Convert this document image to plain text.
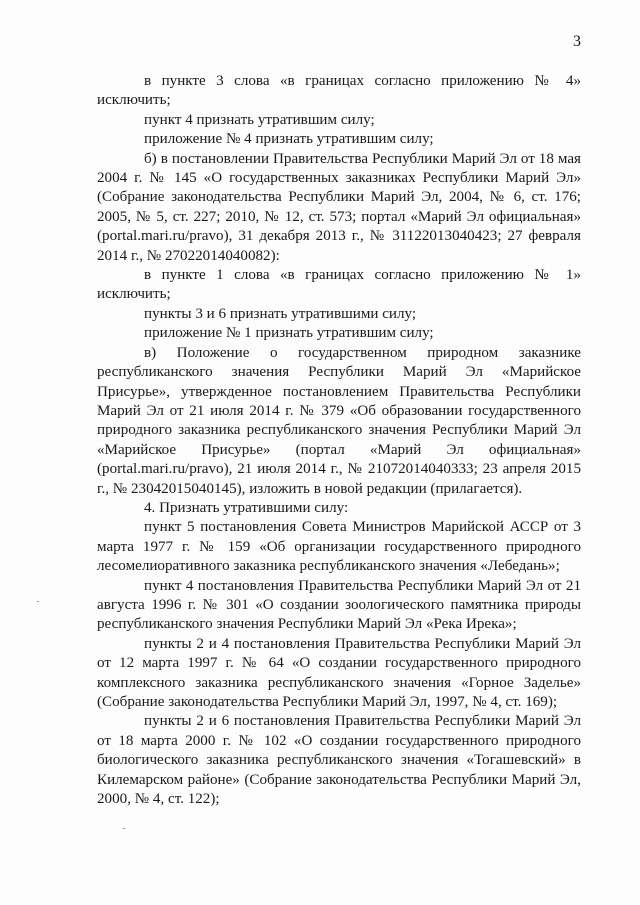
3

в пункте 3 слова «в границах согласно приложению № 4» исключить;

пункт 4 признать утратившим силу;

приложение № 4 признать утратившим силу;

б) в постановлении Правительства Республики Марий Эл от 18 мая 2004 г. № 145 «О государственных заказниках Республики Марий Эл» (Собрание законодательства Республики Марий Эл, 2004, № 6, ст. 176; 2005, № 5, ст. 227; 2010, № 12, ст. 573; портал «Марий Эл официальная» (portal.mari.ru/pravo), 31 декабря 2013 г., № 31122013040423; 27 февраля 2014 г., № 27022014040082):

в пункте 1 слова «в границах согласно приложению № 1» исключить;

пункты 3 и 6 признать утратившими силу;

приложение № 1 признать утратившим силу;

в) Положение о государственном природном заказнике республиканского значения Республики Марий Эл «Марийское Присурье», утвержденное постановлением Правительства Республики Марий Эл от 21 июля 2014 г. № 379 «Об образовании государственного природного заказника республиканского значения Республики Марий Эл «Марийское Присурье» (портал «Марий Эл официальная» (portal.mari.ru/pravo), 21 июля 2014 г., № 21072014040333; 23 апреля 2015 г., № 23042015040145), изложить в новой редакции (прилагается).

4. Признать утратившими силу:

пункт 5 постановления Совета Министров Марийской АССР от 3 марта 1977 г. № 159 «Об организации государственного природного лесомелиоративного заказника республиканского значения «Лебедань»;

пункт 4 постановления Правительства Республики Марий Эл от 21 августа 1996 г. № 301 «О создании зоологического памятника природы республиканского значения Республики Марий Эл «Река Ирека»;

пункты 2 и 4 постановления Правительства Республики Марий Эл от 12 марта 1997 г. № 64 «О создании государственного природного комплексного заказника республиканского значения «Горное Заделье» (Собрание законодательства Республики Марий Эл, 1997, № 4, ст. 169);

пункты 2 и 6 постановления Правительства Республики Марий Эл от 18 марта 2000 г. № 102 «О создании государственного природного биологического заказника республиканского значения «Тогашевский» в Килемарском районе» (Собрание законодательства Республики Марий Эл, 2000, № 4, ст. 122);
